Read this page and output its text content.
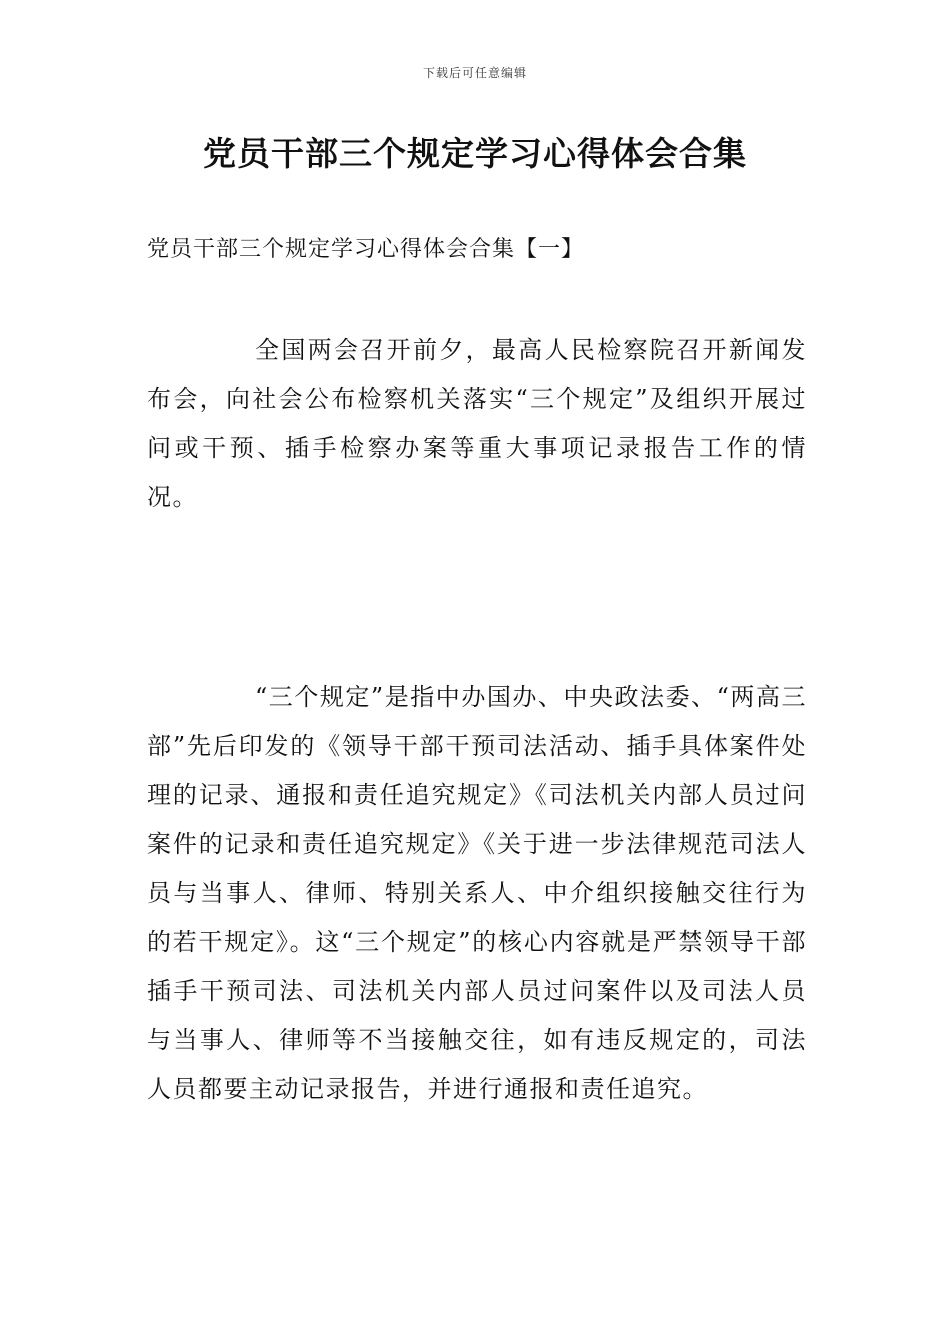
下载后可任意编辑
党员干部三个规定学习心得体会合集
党员干部三个规定学习心得体会合集【一】

全国两会召开前夕，最高人民检察院召开新闻发布会，向社会公布检察机关落实“三个规定”及组织开展过问或干预、插手检察办案等重大事项记录报告工作的情况。

“三个规定”是指中办国办、中央政法委、“两高三部”先后印发的《领导干部干预司法活动、插手具体案件处理的记录、通报和责任追究规定》《司法机关内部人员过问案件的记录和责任追究规定》《关于进一步法律规范司法人员与当事人、律师、特别关系人、中介组织接触交往行为的若干规定》。这“三个规定”的核心内容就是严禁领导干部插手干预司法、司法机关内部人员过问案件以及司法人员与当事人、律师等不当接触交往，如有违反规定的，司法人员都要主动记录报告，并进行通报和责任追究。
